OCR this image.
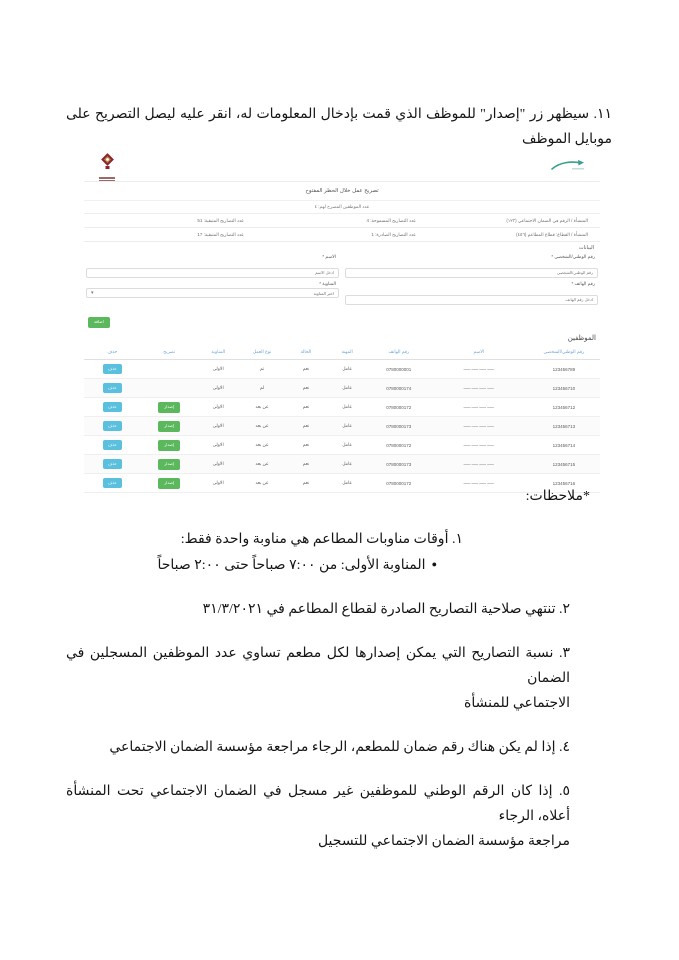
١١. سيظهر زر "إصدار" للموظف الذي قمت بإدخال المعلومات له، انقر عليه ليصل التصريح على
موبايل الموظف

تصريح عمل خلال الحظر المفتوح
عدد الموظفين المصرح لهم: ٤
المنشأة / الرقم في الضمان الاجتماعي (١٢٣)	عدد التصاريح المسموحة: 4	عدد التصاريح المتبقية: 51
المنشأة / القطاع: قطاع المطاعم (٤٥٦)	عدد التصاريح الصادرة: 1	عدد التصاريح المتبقية: 17
البيانات
رقم الوطني/الشخصي *
رقم الوطني/الشخصي
الاسم *
ادخل الاسم
رقم الهاتف *
ادخل رقم الهاتف
المناوبة *
اختر المناوبة
▾
اضافة
الموظفين
رقم الوطني/الشخصي	الاسم	رقم الهاتف	المهنة	الحالة	نوع العمل	المناوبة	تصريح	حذف
123456789	ـــــ ـــــ ـــــ ـــــ	0780000001	عامل	نعم	تم	الاولى		حذف
123456710	ـــــ ـــــ ـــــ ـــــ	0780000174	عامل	نعم	لم	الاولى		حذف
123456712	ـــــ ـــــ ـــــ ـــــ	0780000172	عامل	نعم	عن بعد	الاولى	إصدار	حذف
123456713	ـــــ ـــــ ـــــ ـــــ	0780000173	عامل	نعم	عن بعد	الاولى	إصدار	حذف
123456714	ـــــ ـــــ ـــــ ـــــ	0780000172	عامل	نعم	عن بعد	الاولى	إصدار	حذف
123456715	ـــــ ـــــ ـــــ ـــــ	0780000173	عامل	نعم	عن بعد	الاولى	إصدار	حذف
123456716	ـــــ ـــــ ـــــ ـــــ	0780000172	عامل	نعم	عن بعد	الاولى	إصدار	حذف
*ملاحظات:
١. أوقات مناوبات المطاعم هي مناوبة واحدة فقط:
●المناوبة الأولى: من ٧:٠٠ صباحاً حتى ٢:٠٠ صباحاً
٢. تنتهي صلاحية التصاريح الصادرة لقطاع المطاعم في ٣١/٣/٢٠٢١
٣. نسبة التصاريح التي يمكن إصدارها لكل مطعم تساوي عدد الموظفين المسجلين في الضمان
الاجتماعي للمنشأة
٤. إذا لم يكن هناك رقم ضمان للمطعم، الرجاء مراجعة مؤسسة الضمان الاجتماعي
٥. إذا كان الرقم الوطني للموظفين غير مسجل في الضمان الاجتماعي تحت المنشأة أعلاه، الرجاء
مراجعة مؤسسة الضمان الاجتماعي للتسجيل
